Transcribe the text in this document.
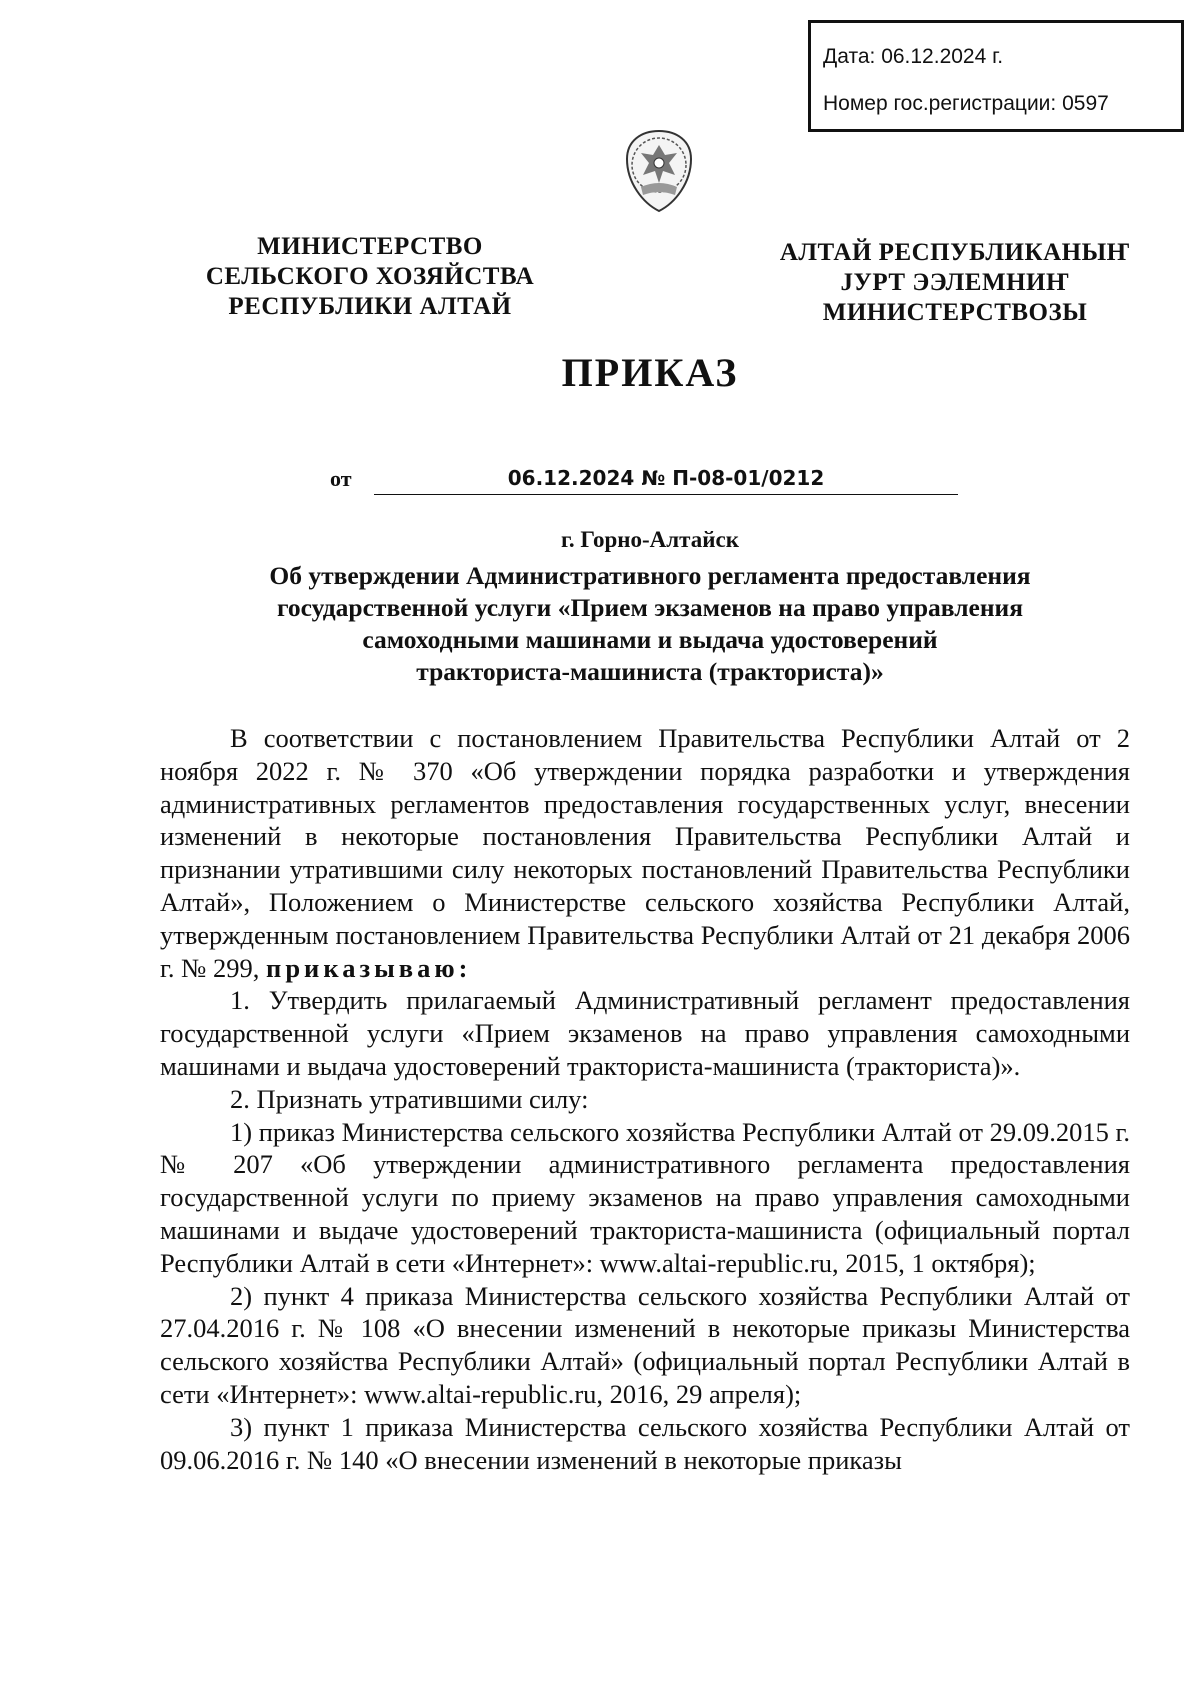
Дата: 06.12.2024 г.
Номер гос.регистрации: 0597
МИНИСТЕРСТВО
СЕЛЬСКОГО ХОЗЯЙСТВА
РЕСПУБЛИКИ АЛТАЙ
АЛТАЙ РЕСПУБЛИКАНЫҤ
ЈУРТ ЭЭЛЕМНИҤ
МИНИСТЕРСТВОЗЫ
ПРИКАЗ
от	06.12.2024 № П-08-01/0212
г. Горно-Алтайск
Об утверждении Административного регламента предоставления
государственной услуги «Прием экзаменов на право управления
самоходными машинами и выдача удостоверений
тракториста-машиниста (тракториста)»

В соответствии с постановлением Правительства Республики Алтай от 2 ноября 2022 г. № 370 «Об утверждении порядка разработки и утверждения административных регламентов предоставления государственных услуг, внесении изменений в некоторые постановления Правительства Республики Алтай и признании утратившими силу некоторых постановлений Правительства Республики Алтай», Положением о Министерстве сельского хозяйства Республики Алтай, утвержденным постановлением Правительства Республики Алтай от 21 декабря 2006 г. № 299, приказываю:

1. Утвердить прилагаемый Административный регламент предоставления государственной услуги «Прием экзаменов на право управления самоходными машинами и выдача удостоверений тракториста-машиниста (тракториста)».

2. Признать утратившими силу:

1) приказ Министерства сельского хозяйства Республики Алтай от 29.09.2015 г. № 207 «Об утверждении административного регламента предоставления государственной услуги по приему экзаменов на право управления самоходными машинами и выдаче удостоверений тракториста-машиниста (официальный портал Республики Алтай в сети «Интернет»: www.altai-republic.ru, 2015, 1 октября);

2) пункт 4 приказа Министерства сельского хозяйства Республики Алтай от 27.04.2016 г. № 108 «О внесении изменений в некоторые приказы Министерства сельского хозяйства Республики Алтай» (официальный портал Республики Алтай в сети «Интернет»: www.altai-republic.ru, 2016, 29 апреля);

3) пункт 1 приказа Министерства сельского хозяйства Республики Алтай от 09.06.2016 г. № 140 «О внесении изменений в некоторые приказы
